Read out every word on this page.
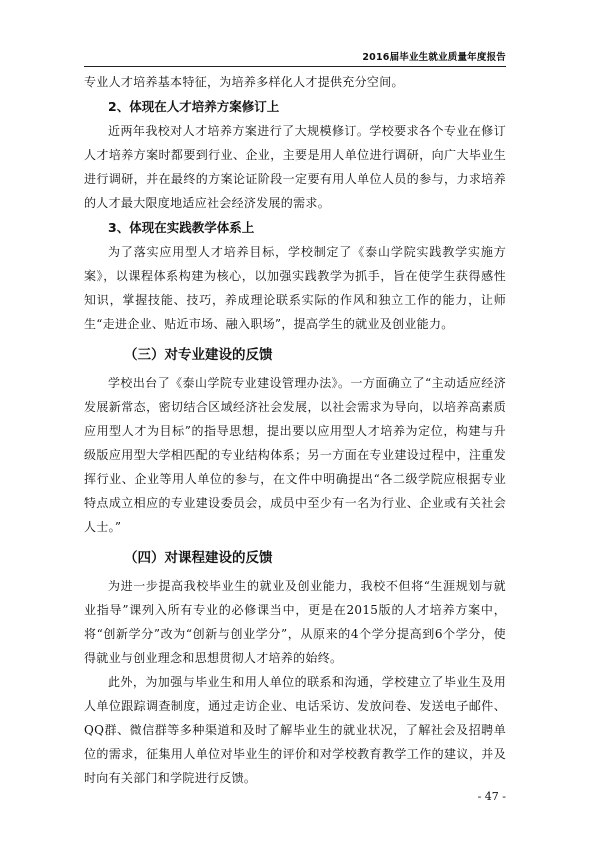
2016届毕业生就业质量年度报告

专业人才培养基本特征，为培养多样化人才提供充分空间。

2、体现在人才培养方案修订上

近两年我校对人才培养方案进行了大规模修订。学校要求各个专业在修订人才培养方案时都要到行业、企业，主要是用人单位进行调研，向广大毕业生进行调研，并在最终的方案论证阶段一定要有用人单位人员的参与，力求培养的人才最大限度地适应社会经济发展的需求。

3、体现在实践教学体系上

为了落实应用型人才培养目标，学校制定了《泰山学院实践教学实施方案》，以课程体系构建为核心，以加强实践教学为抓手，旨在使学生获得感性知识，掌握技能、技巧，养成理论联系实际的作风和独立工作的能力，让师生“走进企业、贴近市场、融入职场”，提高学生的就业及创业能力。

（三）对专业建设的反馈

学校出台了《泰山学院专业建设管理办法》。一方面确立了“主动适应经济发展新常态，密切结合区域经济社会发展，以社会需求为导向，以培养高素质应用型人才为目标”的指导思想，提出要以应用型人才培养为定位，构建与升级版应用型大学相匹配的专业结构体系；另一方面在专业建设过程中，注重发挥行业、企业等用人单位的参与，在文件中明确提出“各二级学院应根据专业特点成立相应的专业建设委员会，成员中至少有一名为行业、企业或有关社会人士。”

（四）对课程建设的反馈

为进一步提高我校毕业生的就业及创业能力，我校不但将“生涯规划与就业指导”课列入所有专业的必修课当中，更是在2015版的人才培养方案中，将“创新学分”改为“创新与创业学分”，从原来的4个学分提高到6个学分，使得就业与创业理念和思想贯彻人才培养的始终。

此外，为加强与毕业生和用人单位的联系和沟通，学校建立了毕业生及用人单位跟踪调查制度，通过走访企业、电话采访、发放问卷、发送电子邮件、QQ群、微信群等多种渠道和及时了解毕业生的就业状况，了解社会及招聘单位的需求，征集用人单位对毕业生的评价和对学校教育教学工作的建议，并及时向有关部门和学院进行反馈。

- 47 -
